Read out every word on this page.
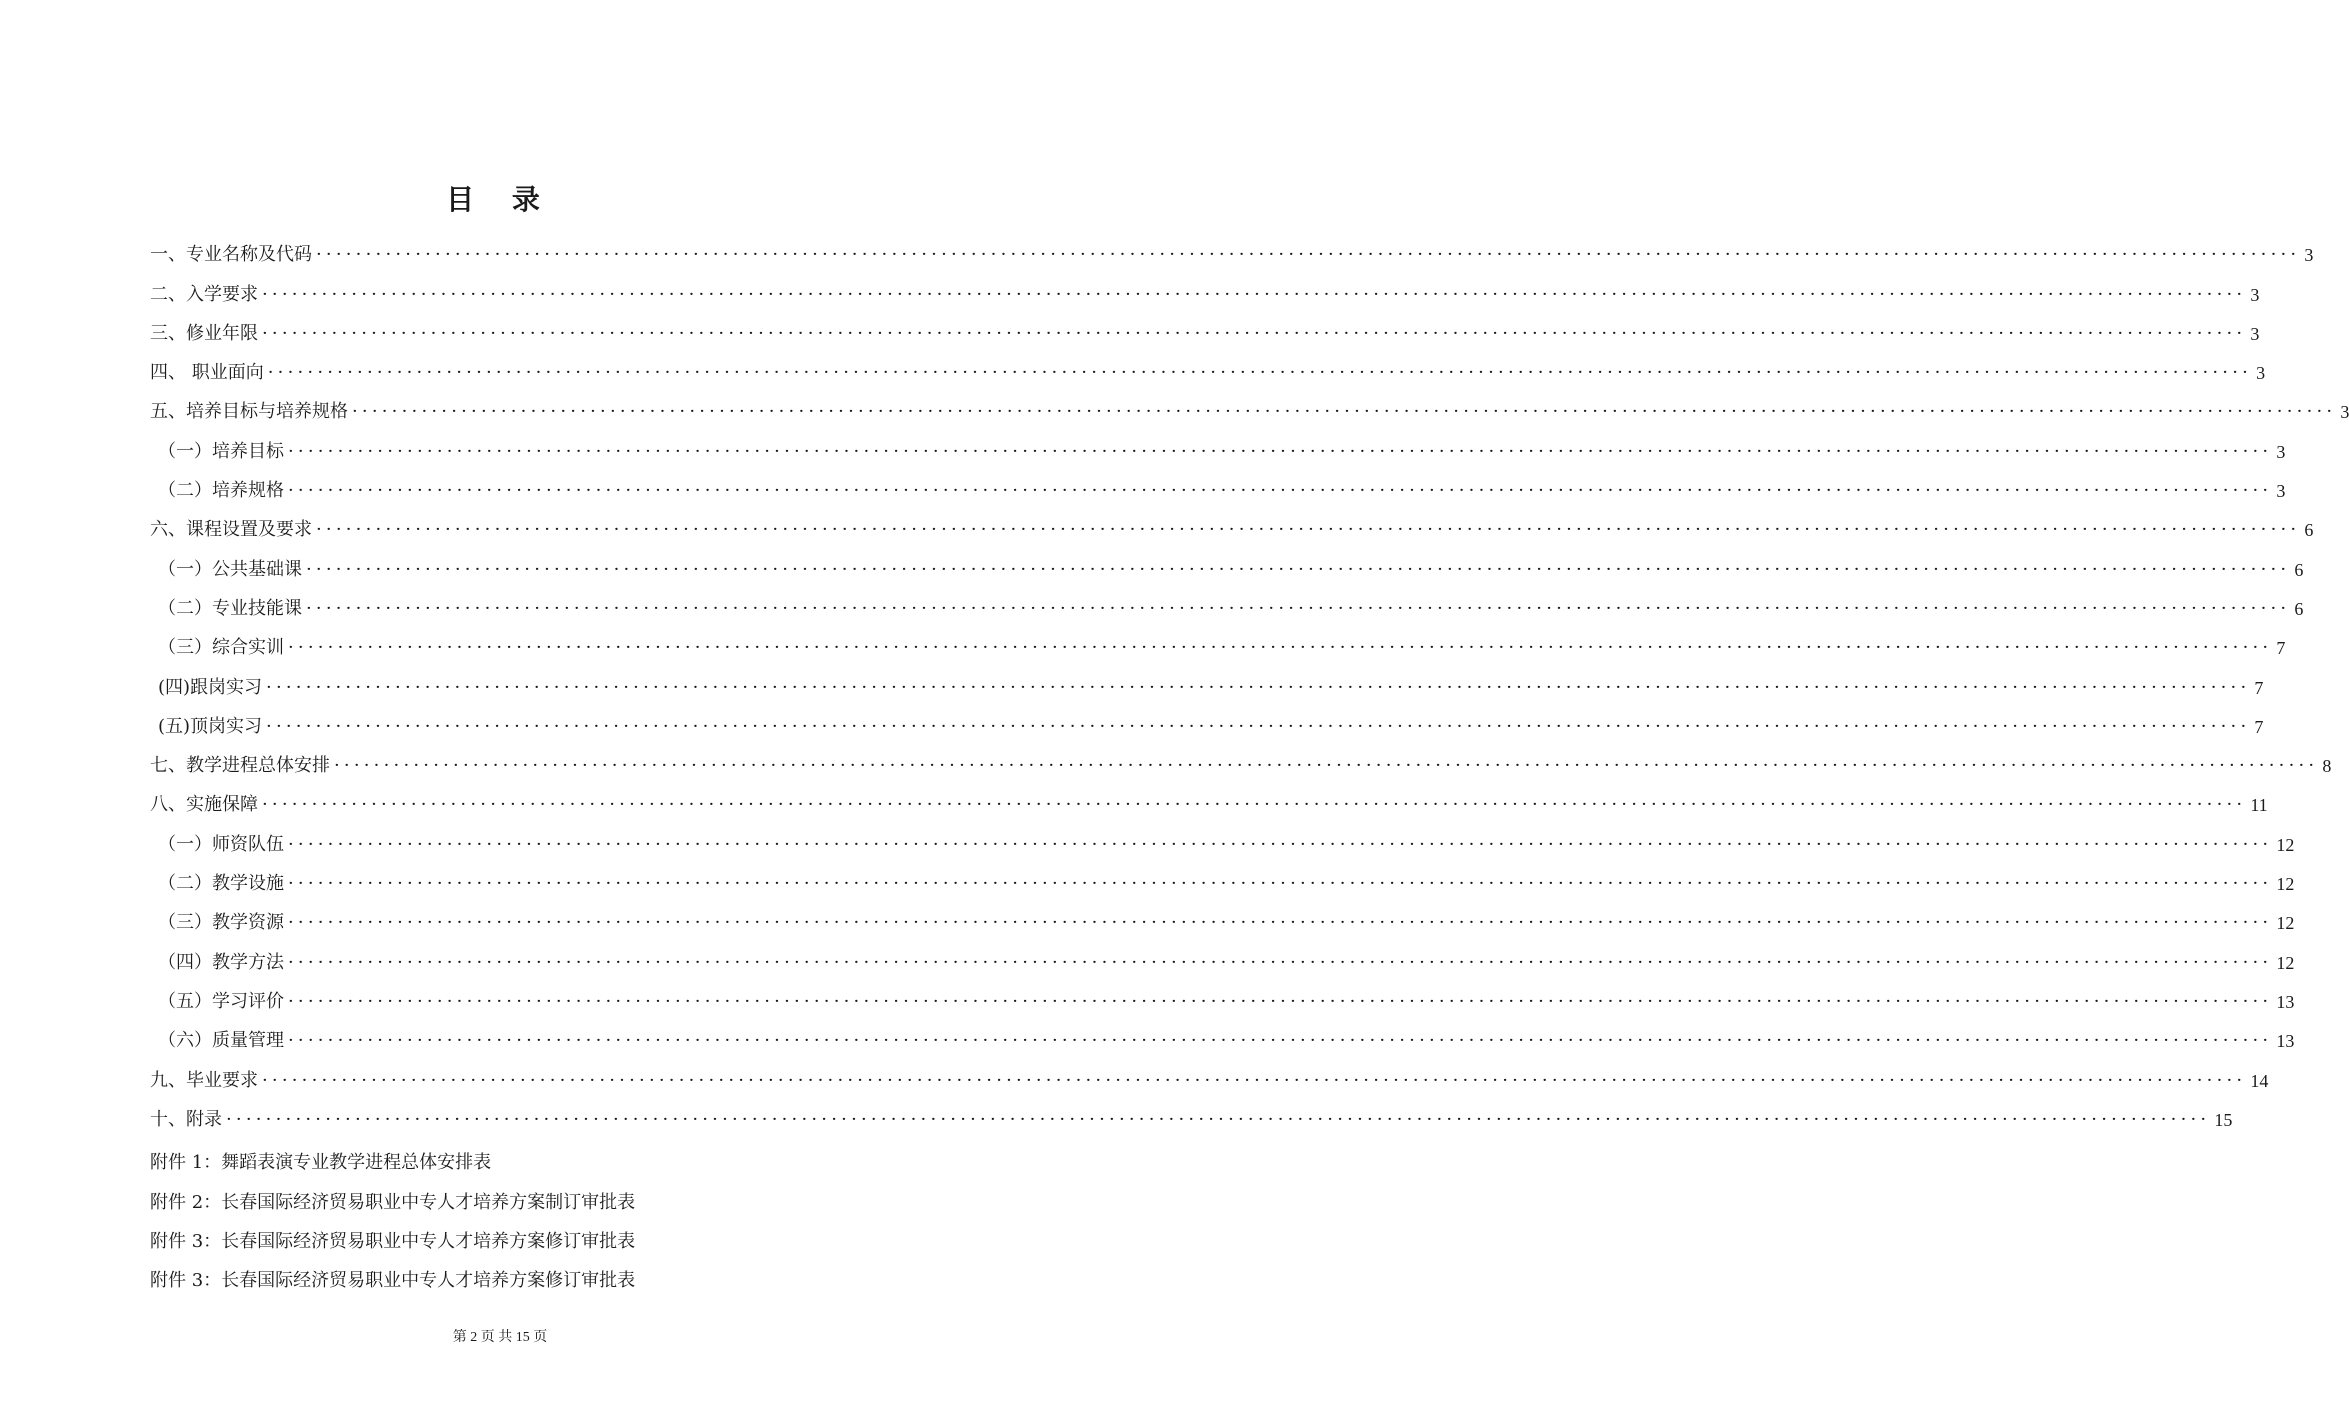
目 录
一、专业名称及代码 ········································································································································································································ 3
二、入学要求 ········································································································································································································ 3
三、修业年限 ········································································································································································································ 3
四、 职业面向 ········································································································································································································ 3
五、培养目标与培养规格 ········································································································································································································ 3
（一）培养目标 ········································································································································································································ 3
（二）培养规格 ········································································································································································································ 3
六、课程设置及要求 ········································································································································································································ 6
（一）公共基础课 ········································································································································································································ 6
（二）专业技能课 ········································································································································································································ 6
（三）综合实训 ········································································································································································································ 7
(四)跟岗实习 ········································································································································································································ 7
(五)顶岗实习 ········································································································································································································ 7
七、教学进程总体安排 ········································································································································································································ 8
八、实施保障 ········································································································································································································ 11
（一）师资队伍 ········································································································································································································ 12
（二）教学设施 ········································································································································································································ 12
（三）教学资源 ········································································································································································································ 12
（四）教学方法 ········································································································································································································ 12
（五）学习评价 ········································································································································································································ 13
（六）质量管理 ········································································································································································································ 13
九、毕业要求 ········································································································································································································ 14
十、附录 ········································································································································································································ 15
附件 1：舞蹈表演专业教学进程总体安排表
附件 2：长春国际经济贸易职业中专人才培养方案制订审批表
附件 3：长春国际经济贸易职业中专人才培养方案修订审批表
附件 3：长春国际经济贸易职业中专人才培养方案修订审批表
第 2 页 共 15 页
